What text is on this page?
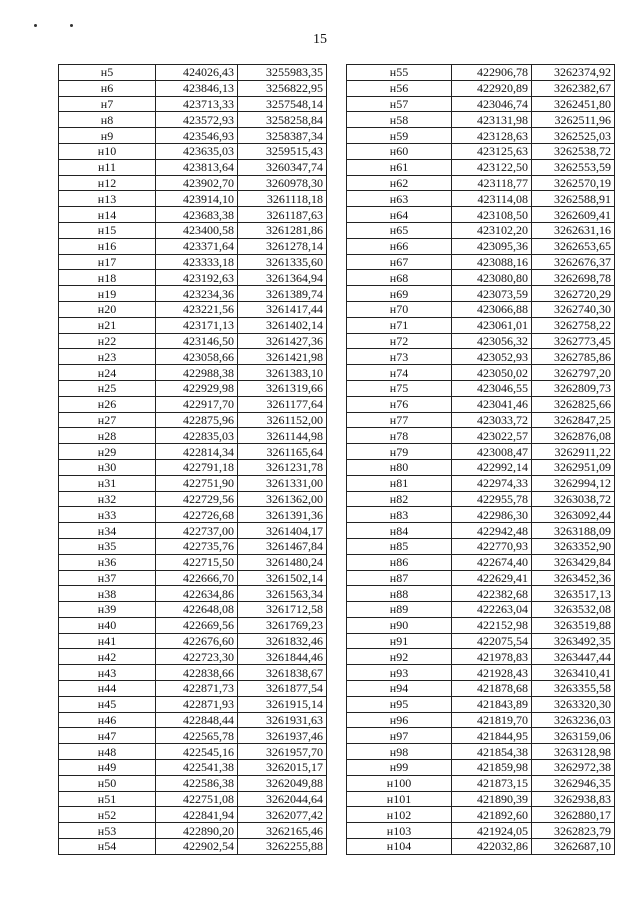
15
н5	424026,43	3255983,35
н6	423846,13	3256822,95
н7	423713,33	3257548,14
н8	423572,93	3258258,84
н9	423546,93	3258387,34
н10	423635,03	3259515,43
н11	423813,64	3260347,74
н12	423902,70	3260978,30
н13	423914,10	3261118,18
н14	423683,38	3261187,63
н15	423400,58	3261281,86
н16	423371,64	3261278,14
н17	423333,18	3261335,60
н18	423192,63	3261364,94
н19	423234,36	3261389,74
н20	423221,56	3261417,44
н21	423171,13	3261402,14
н22	423146,50	3261427,36
н23	423058,66	3261421,98
н24	422988,38	3261383,10
н25	422929,98	3261319,66
н26	422917,70	3261177,64
н27	422875,96	3261152,00
н28	422835,03	3261144,98
н29	422814,34	3261165,64
н30	422791,18	3261231,78
н31	422751,90	3261331,00
н32	422729,56	3261362,00
н33	422726,68	3261391,36
н34	422737,00	3261404,17
н35	422735,76	3261467,84
н36	422715,50	3261480,24
н37	422666,70	3261502,14
н38	422634,86	3261563,34
н39	422648,08	3261712,58
н40	422669,56	3261769,23
н41	422676,60	3261832,46
н42	422723,30	3261844,46
н43	422838,66	3261838,67
н44	422871,73	3261877,54
н45	422871,93	3261915,14
н46	422848,44	3261931,63
н47	422565,78	3261937,46
н48	422545,16	3261957,70
н49	422541,38	3262015,17
н50	422586,38	3262049,88
н51	422751,08	3262044,64
н52	422841,94	3262077,42
н53	422890,20	3262165,46
н54	422902,54	3262255,88
н55	422906,78	3262374,92
н56	422920,89	3262382,67
н57	423046,74	3262451,80
н58	423131,98	3262511,96
н59	423128,63	3262525,03
н60	423125,63	3262538,72
н61	423122,50	3262553,59
н62	423118,77	3262570,19
н63	423114,08	3262588,91
н64	423108,50	3262609,41
н65	423102,20	3262631,16
н66	423095,36	3262653,65
н67	423088,16	3262676,37
н68	423080,80	3262698,78
н69	423073,59	3262720,29
н70	423066,88	3262740,30
н71	423061,01	3262758,22
н72	423056,32	3262773,45
н73	423052,93	3262785,86
н74	423050,02	3262797,20
н75	423046,55	3262809,73
н76	423041,46	3262825,66
н77	423033,72	3262847,25
н78	423022,57	3262876,08
н79	423008,47	3262911,22
н80	422992,14	3262951,09
н81	422974,33	3262994,12
н82	422955,78	3263038,72
н83	422986,30	3263092,44
н84	422942,48	3263188,09
н85	422770,93	3263352,90
н86	422674,40	3263429,84
н87	422629,41	3263452,36
н88	422382,68	3263517,13
н89	422263,04	3263532,08
н90	422152,98	3263519,88
н91	422075,54	3263492,35
н92	421978,83	3263447,44
н93	421928,43	3263410,41
н94	421878,68	3263355,58
н95	421843,89	3263320,30
н96	421819,70	3263236,03
н97	421844,95	3263159,06
н98	421854,38	3263128,98
н99	421859,98	3262972,38
н100	421873,15	3262946,35
н101	421890,39	3262938,83
н102	421892,60	3262880,17
н103	421924,05	3262823,79
н104	422032,86	3262687,10
